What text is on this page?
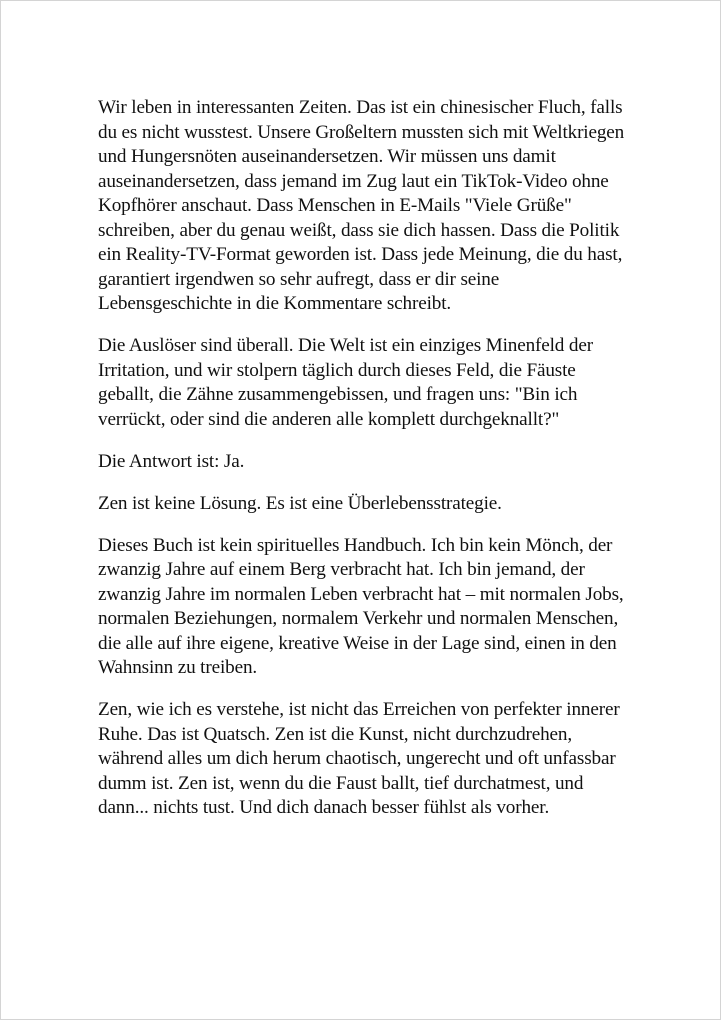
Wir leben in interessanten Zeiten. Das ist ein chinesischer Fluch, falls du es nicht wusstest. Unsere Großeltern mussten sich mit Weltkriegen und Hungersnöten auseinandersetzen. Wir müssen uns damit auseinandersetzen, dass jemand im Zug laut ein TikTok-Video ohne Kopfhörer anschaut. Dass Menschen in E-Mails "Viele Grüße" schreiben, aber du genau weißt, dass sie dich hassen. Dass die Politik ein Reality-TV-Format geworden ist. Dass jede Meinung, die du hast, garantiert irgendwen so sehr aufregt, dass er dir seine Lebensgeschichte in die Kommentare schreibt.

Die Auslöser sind überall. Die Welt ist ein einziges Minenfeld der Irritation, und wir stolpern täglich durch dieses Feld, die Fäuste geballt, die Zähne zusammengebissen, und fragen uns: "Bin ich verrückt, oder sind die anderen alle komplett durchgeknallt?"

Die Antwort ist: Ja.

Zen ist keine Lösung. Es ist eine Überlebensstrategie.

Dieses Buch ist kein spirituelles Handbuch. Ich bin kein Mönch, der zwanzig Jahre auf einem Berg verbracht hat. Ich bin jemand, der zwanzig Jahre im normalen Leben verbracht hat – mit normalen Jobs, normalen Beziehungen, normalem Verkehr und normalen Menschen, die alle auf ihre eigene, kreative Weise in der Lage sind, einen in den Wahnsinn zu treiben.

Zen, wie ich es verstehe, ist nicht das Erreichen von perfekter innerer Ruhe. Das ist Quatsch. Zen ist die Kunst, nicht durchzudrehen, während alles um dich herum chaotisch, ungerecht und oft unfassbar dumm ist. Zen ist, wenn du die Faust ballt, tief durchatmest, und dann... nichts tust. Und dich danach besser fühlst als vorher.
